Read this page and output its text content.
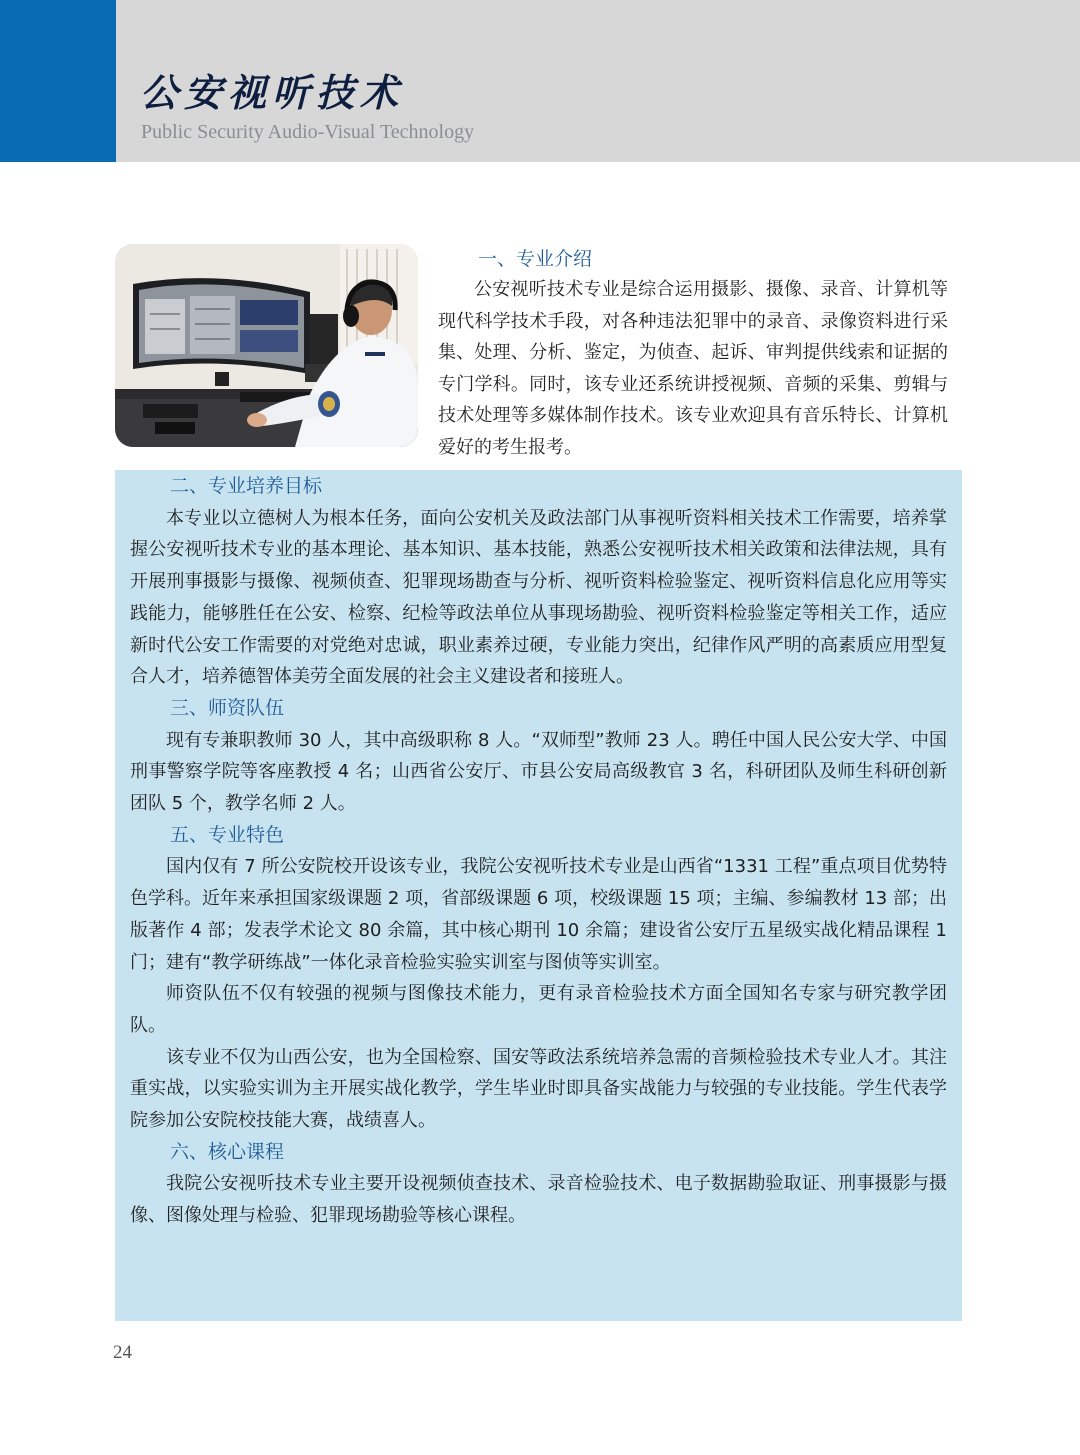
公安视听技术
Public Security Audio-Visual Technology

一、专业介绍

公安视听技术专业是综合运用摄影、摄像、录音、计算机等现代科学技术手段，对各种违法犯罪中的录音、录像资料进行采集、处理、分析、鉴定，为侦查、起诉、审判提供线索和证据的专门学科。同时，该专业还系统讲授视频、音频的采集、剪辑与技术处理等多媒体制作技术。该专业欢迎具有音乐特长、计算机爱好的考生报考。

二、专业培养目标

本专业以立德树人为根本任务，面向公安机关及政法部门从事视听资料相关技术工作需要，培养掌握公安视听技术专业的基本理论、基本知识、基本技能，熟悉公安视听技术相关政策和法律法规，具有开展刑事摄影与摄像、视频侦查、犯罪现场勘查与分析、视听资料检验鉴定、视听资料信息化应用等实践能力，能够胜任在公安、检察、纪检等政法单位从事现场勘验、视听资料检验鉴定等相关工作，适应新时代公安工作需要的对党绝对忠诚，职业素养过硬，专业能力突出，纪律作风严明的高素质应用型复合人才，培养德智体美劳全面发展的社会主义建设者和接班人。

三、师资队伍

现有专兼职教师 30 人，其中高级职称 8 人。“双师型”教师 23 人。聘任中国人民公安大学、中国刑事警察学院等客座教授 4 名；山西省公安厅、市县公安局高级教官 3 名，科研团队及师生科研创新团队 5 个，教学名师 2 人。

五、专业特色

国内仅有 7 所公安院校开设该专业，我院公安视听技术专业是山西省“1331 工程”重点项目优势特色学科。近年来承担国家级课题 2 项，省部级课题 6 项，校级课题 15 项；主编、参编教材 13 部；出版著作 4 部；发表学术论文 80 余篇，其中核心期刊 10 余篇；建设省公安厅五星级实战化精品课程 1 门；建有“教学研练战”一体化录音检验实验实训室与图侦等实训室。

师资队伍不仅有较强的视频与图像技术能力，更有录音检验技术方面全国知名专家与研究教学团队。

该专业不仅为山西公安，也为全国检察、国安等政法系统培养急需的音频检验技术专业人才。其注重实战，以实验实训为主开展实战化教学，学生毕业时即具备实战能力与较强的专业技能。学生代表学院参加公安院校技能大赛，战绩喜人。

六、核心课程

我院公安视听技术专业主要开设视频侦查技术、录音检验技术、电子数据勘验取证、刑事摄影与摄像、图像处理与检验、犯罪现场勘验等核心课程。

24
